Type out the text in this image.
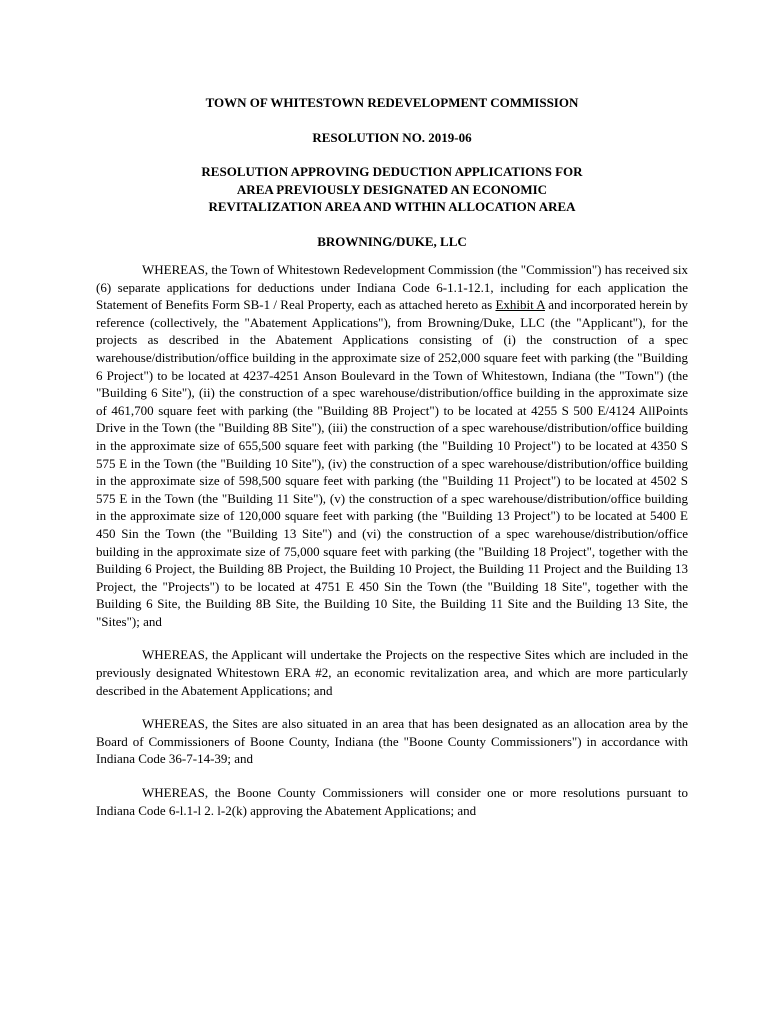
TOWN OF WHITESTOWN REDEVELOPMENT COMMISSION

RESOLUTION NO. 2019-06

RESOLUTION APPROVING DEDUCTION APPLICATIONS FOR

AREA PREVIOUSLY DESIGNATED AN ECONOMIC

REVITALIZATION AREA AND WITHIN ALLOCATION AREA

BROWNING/DUKE, LLC

WHEREAS, the Town of Whitestown Redevelopment Commission (the "Commission") has received six (6) separate applications for deductions under Indiana Code 6-1.1-12.1, including for each application the Statement of Benefits Form SB-1 / Real Property, each as attached hereto as Exhibit A and incorporated herein by reference (collectively, the "Abatement Applications"), from Browning/Duke, LLC (the "Applicant"), for the projects as described in the Abatement Applications consisting of (i) the construction of a spec warehouse/distribution/office building in the approximate size of 252,000 square feet with parking (the "Building 6 Project") to be located at 4237-4251 Anson Boulevard in the Town of Whitestown, Indiana (the "Town") (the "Building 6 Site"), (ii) the construction of a spec warehouse/distribution/office building in the approximate size of 461,700 square feet with parking (the "Building 8B Project") to be located at 4255 S 500 E/4124 AllPoints Drive in the Town (the "Building 8B Site"), (iii) the construction of a spec warehouse/distribution/office building in the approximate size of 655,500 square feet with parking (the "Building 10 Project") to be located at 4350 S 575 E in the Town (the "Building 10 Site"), (iv) the construction of a spec warehouse/distribution/office building in the approximate size of 598,500 square feet with parking (the "Building 11 Project") to be located at 4502 S 575 E in the Town (the "Building 11 Site"), (v) the construction of a spec warehouse/distribution/office building in the approximate size of 120,000 square feet with parking (the "Building 13 Project") to be located at 5400 E 450 Sin the Town (the "Building 13 Site") and (vi) the construction of a spec warehouse/distribution/office building in the approximate size of 75,000 square feet with parking (the "Building 18 Project", together with the Building 6 Project, the Building 8B Project, the Building 10 Project, the Building 11 Project and the Building 13 Project, the "Projects") to be located at 4751 E 450 Sin the Town (the "Building 18 Site", together with the Building 6 Site, the Building 8B Site, the Building 10 Site, the Building 11 Site and the Building 13 Site, the "Sites"); and

WHEREAS, the Applicant will undertake the Projects on the respective Sites which are included in the previously designated Whitestown ERA #2, an economic revitalization area, and which are more particularly described in the Abatement Applications; and

WHEREAS, the Sites are also situated in an area that has been designated as an allocation area by the Board of Commissioners of Boone County, Indiana (the "Boone County Commissioners") in accordance with Indiana Code 36-7-14-39; and

WHEREAS, the Boone County Commissioners will consider one or more resolutions pursuant to Indiana Code 6-l.1-l 2. l-2(k) approving the Abatement Applications; and
